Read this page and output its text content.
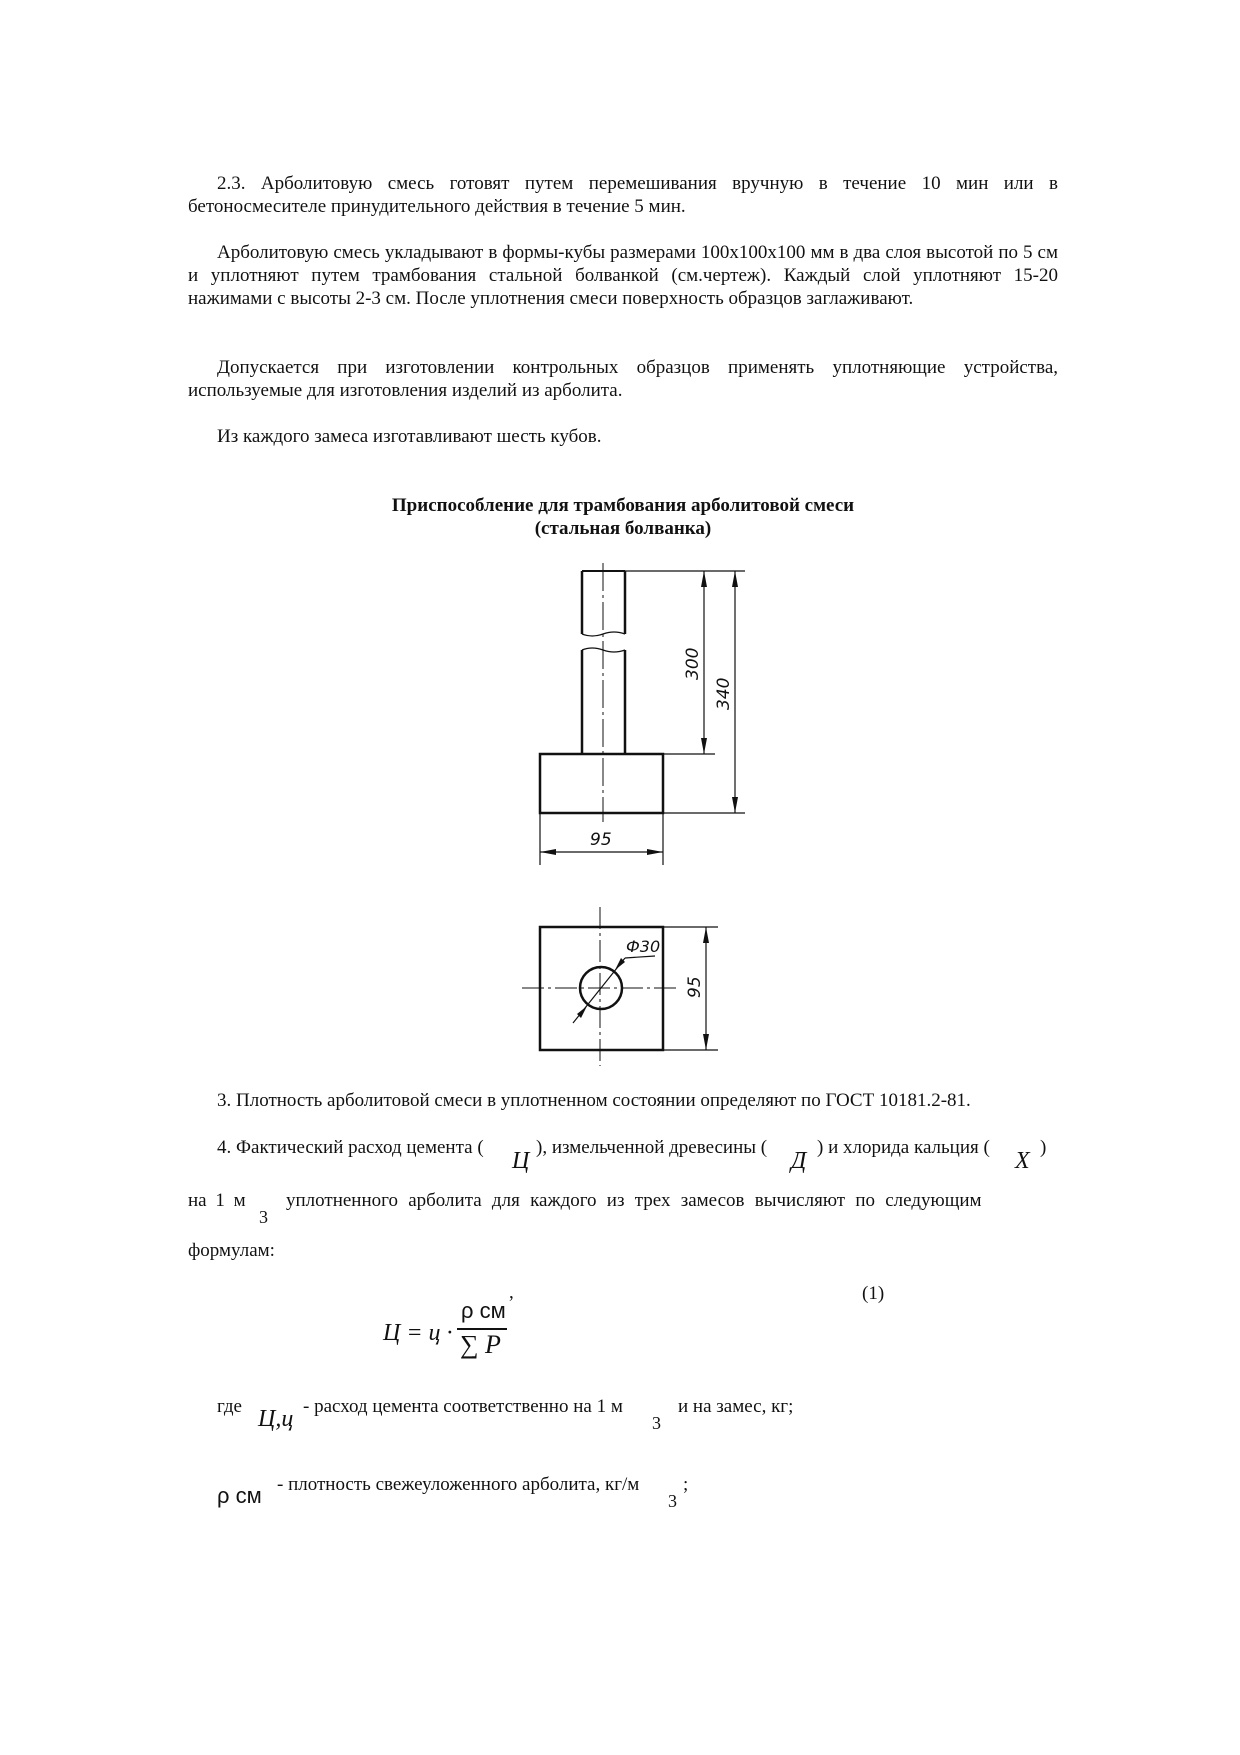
2.3. Арболитовую смесь готовят путем перемешивания вручную в течение 10 мин или в бетоносмесителе принудительного действия в течение 5 мин.
Арболитовую смесь укладывают в формы-кубы размерами 100x100x100 мм в два слоя высотой по 5 см и уплотняют путем трамбования стальной болванкой (см.чертеж). Каждый слой уплотняют 15-20 нажимами с высоты 2-3 см. После уплотнения смеси поверхность образцов заглаживают.
Допускается при изготовлении контрольных образцов применять уплотняющие устройства, используемые для изготовления изделий из арболита.
Из каждого замеса изготавливают шесть кубов.
Приспособление для трамбования арболитовой смеси
(стальная болванка)
300
340
95
Ф30
95
3. Плотность арболитовой смеси в уплотненном состоянии определяют по ГОСТ 10181.2-81.
4. Фактический расход цемента (
Ц
), измельченной древесины (
Д
) и хлорида кальция (
Х
)
на 1 м
3
уплотненного арболита для каждого из трех замесов вычисляют по следующим
формулам:
Ц = ц ·
ρ см
∑ P
,	(1)
где Ц,ц - расход цемента соответственно на 1 м
3
и на замес, кг;
ρ см - плотность свежеуложенного арболита, кг/м
3
;
